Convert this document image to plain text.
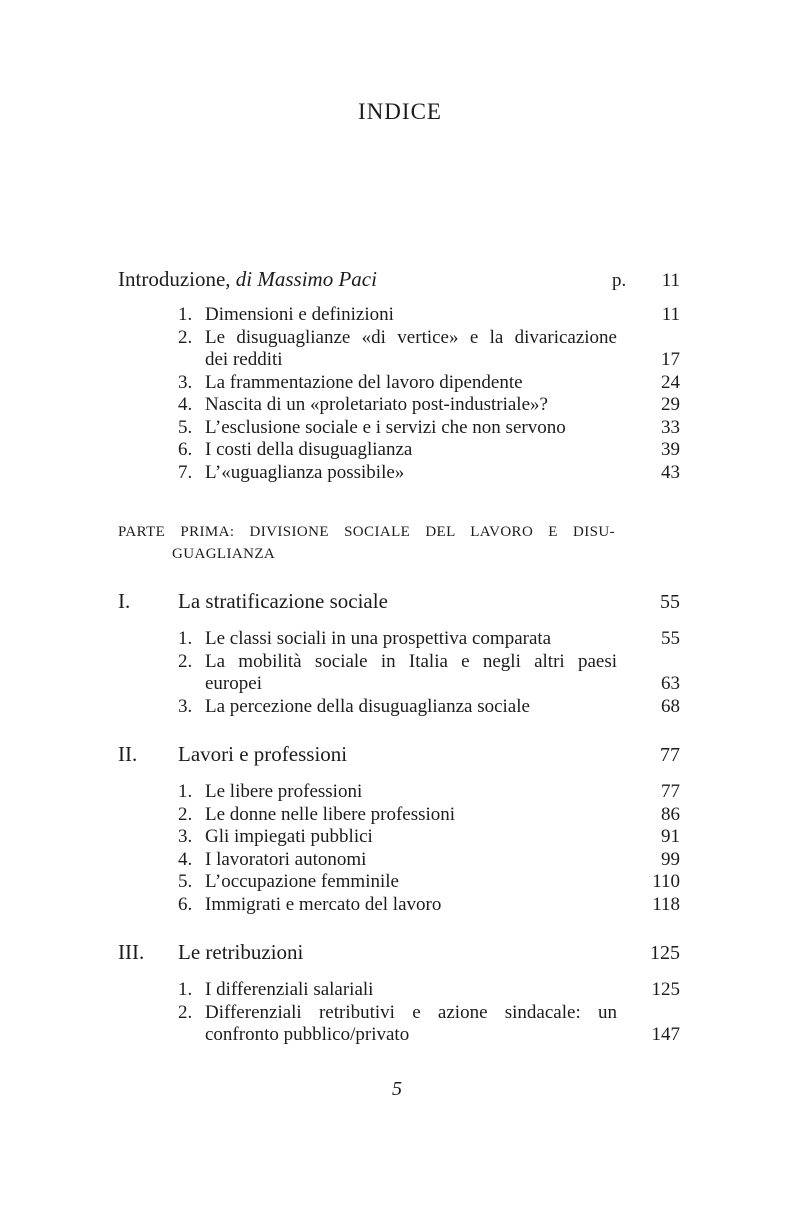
INDICE
Introduzione, di Massimo Paci	p. 11
1. Dimensioni e definizioni	11
2. Le disuguaglianze «di vertice» e la divaricazione
dei redditi	17
3. La frammentazione del lavoro dipendente	24
4. Nascita di un «proletariato post-industriale»?	29
5. L’esclusione sociale e i servizi che non servono	33
6. I costi della disuguaglianza	39
7. L’«uguaglianza possibile»	43
PARTE PRIMA: DIVISIONE SOCIALE DEL LAVORO E DISU-
GUAGLIANZA
I.	La stratificazione sociale	55
1. Le classi sociali in una prospettiva comparata	55
2. La mobilità sociale in Italia e negli altri paesi
europei	63
3. La percezione della disuguaglianza sociale	68
II.	Lavori e professioni	77
1. Le libere professioni	77
2. Le donne nelle libere professioni	86
3. Gli impiegati pubblici	91
4. I lavoratori autonomi	99
5. L’occupazione femminile	110
6. Immigrati e mercato del lavoro	118
III.	Le retribuzioni	125
1. I differenziali salariali	125
2. Differenziali retributivi e azione sindacale: un
confronto pubblico/privato	147
5
